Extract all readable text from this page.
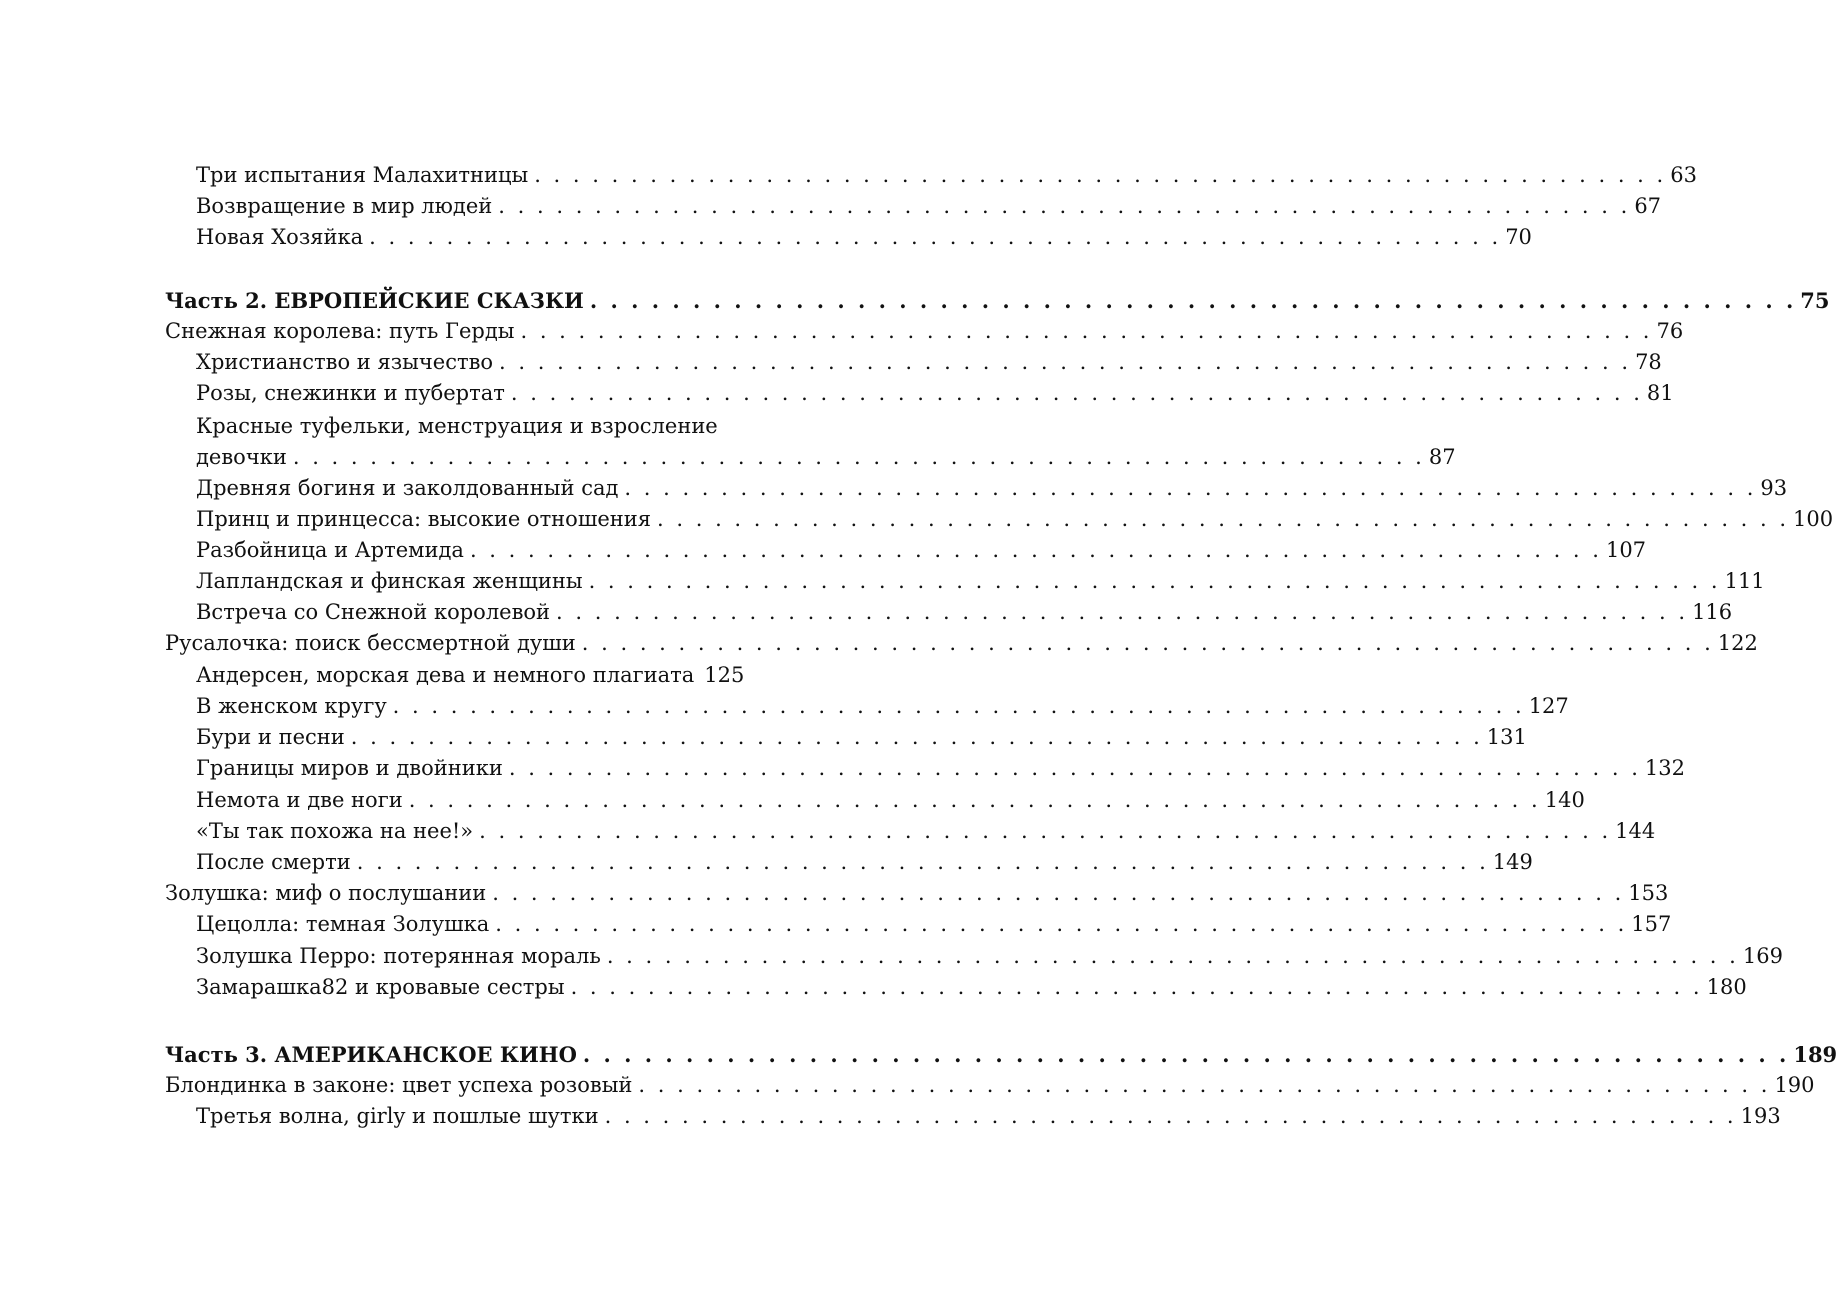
Три испытания Малахитницы . . .	63
Возвращение в мир людей . . .	67
Новая Хозяйка . . .	70
Часть 2. ЕВРОПЕЙСКИЕ СКАЗКИ . . .	75
Снежная королева: путь Герды . . .	76
Христианство и язычество . . .	78
Розы, снежинки и пубертат . . .	81
Красные туфельки, менструация и взросление
девочки . . .	87
Древняя богиня и заколдованный сад . . .	93
Принц и принцесса: высокие отношения . . .	100
Разбойница и Артемида . . .	107
Лапландская и финская женщины . . .	111
Встреча со Снежной королевой . . .	116
Русалочка: поиск бессмертной души . . .	122
Андерсен, морская дева и немного плагиата 125
В женском кругу . . .	127
Бури и песни . . .	131
Границы миров и двойники . . .	132
Немота и две ноги . . .	140
«Ты так похожа на нее!» . . .	144
После смерти . . .	149
Золушка: миф о послушании . . .	153
Цецолла: темная Золушка . . .	157
Золушка Перро: потерянная мораль . . .	169
Замарашка82 и кровавые сестры . . .	180
Часть 3. АМЕРИКАНСКОЕ КИНО . . .	189
Блондинка в законе: цвет успеха розовый . . .	190
Третья волна, girly и пошлые шутки . . .	193
